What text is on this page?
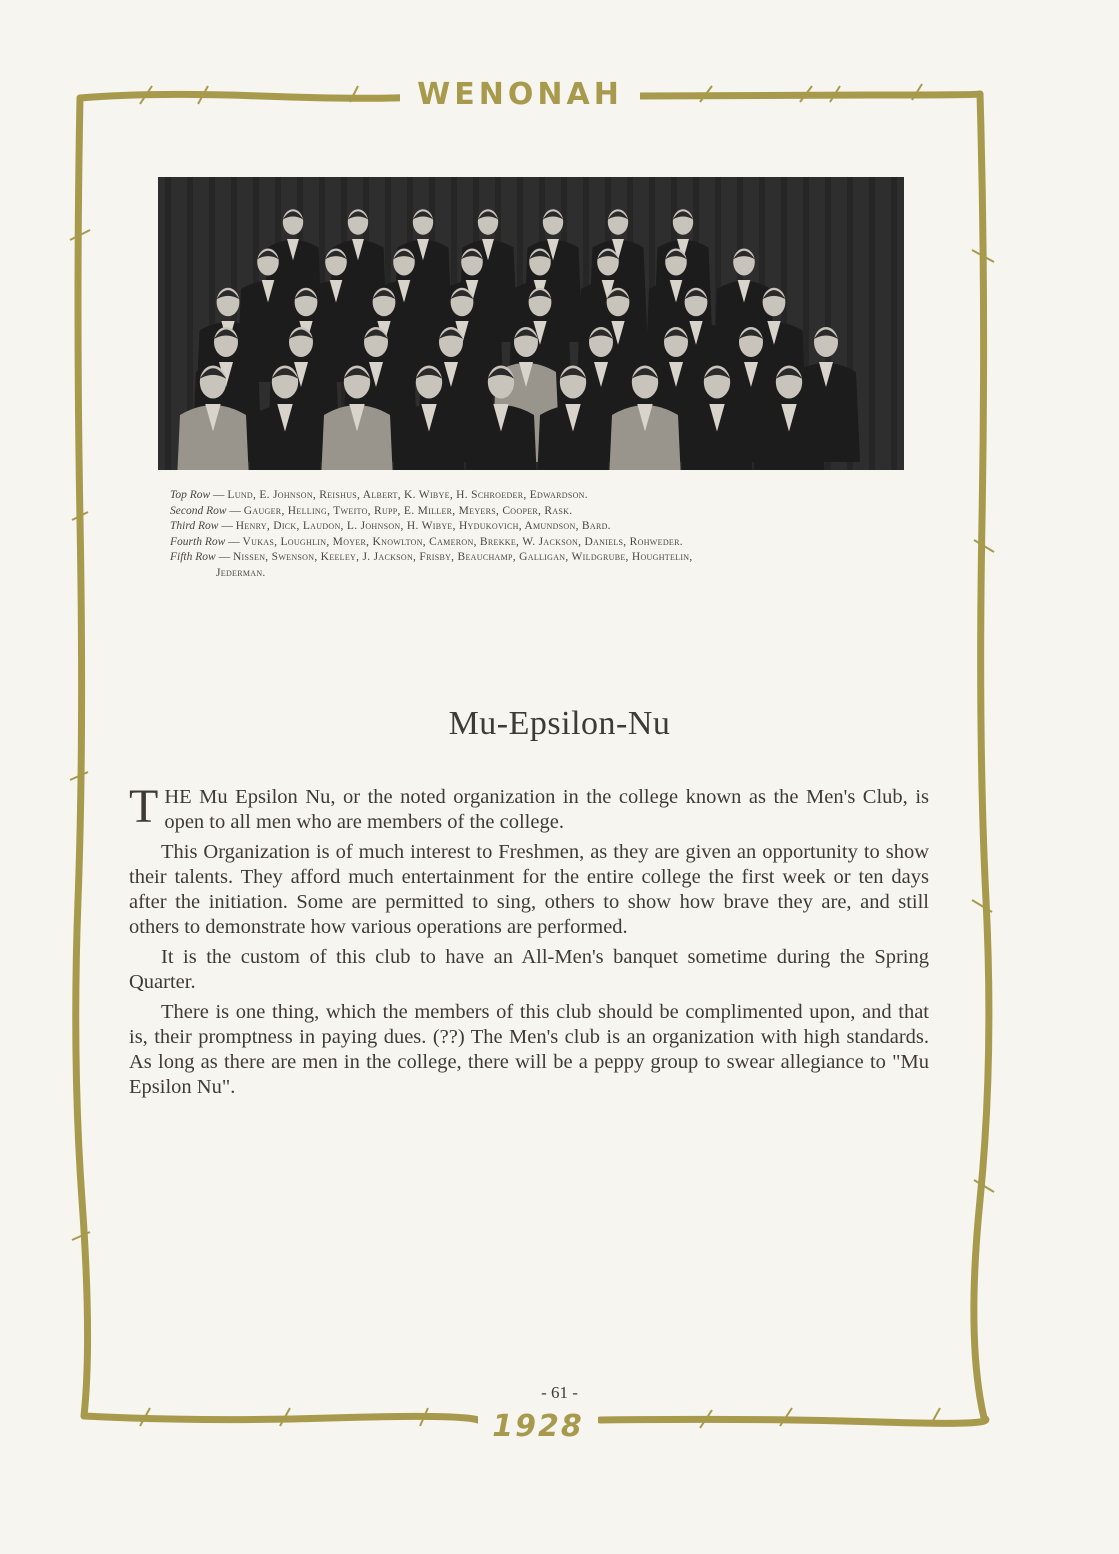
WENONAH
Top Row — Lund, E. Johnson, Reishus, Albert, K. Wibye, H. Schroeder, Edwardson.
Second Row — Gauger, Helling, Tweito, Rupp, E. Miller, Meyers, Cooper, Rask.
Third Row — Henry, Dick, Laudon, L. Johnson, H. Wibye, Hydukovich, Amundson, Bard.
Fourth Row — Vukas, Loughlin, Moyer, Knowlton, Cameron, Brekke, W. Jackson, Daniels, Rohweder.
Fifth Row — Nissen, Swenson, Keeley, J. Jackson, Frisby, Beauchamp, Galligan, Wildgrube, Houghtelin,
Jederman.
Mu-Epsilon-Nu

THE Mu Epsilon Nu, or the noted organization in the college known as the Men's Club, is open to all men who are members of the college.

This Organization is of much interest to Freshmen, as they are given an opportunity to show their talents. They afford much entertainment for the entire college the first week or ten days after the initiation. Some are permitted to sing, others to show how brave they are, and still others to demonstrate how various operations are performed.

It is the custom of this club to have an All-Men's banquet sometime during the Spring Quarter.

There is one thing, which the members of this club should be complimented upon, and that is, their promptness in paying dues. (??) The Men's club is an organization with high standards. As long as there are men in the college, there will be a peppy group to swear allegiance to "Mu Epsilon Nu".

- 61 -
1928
